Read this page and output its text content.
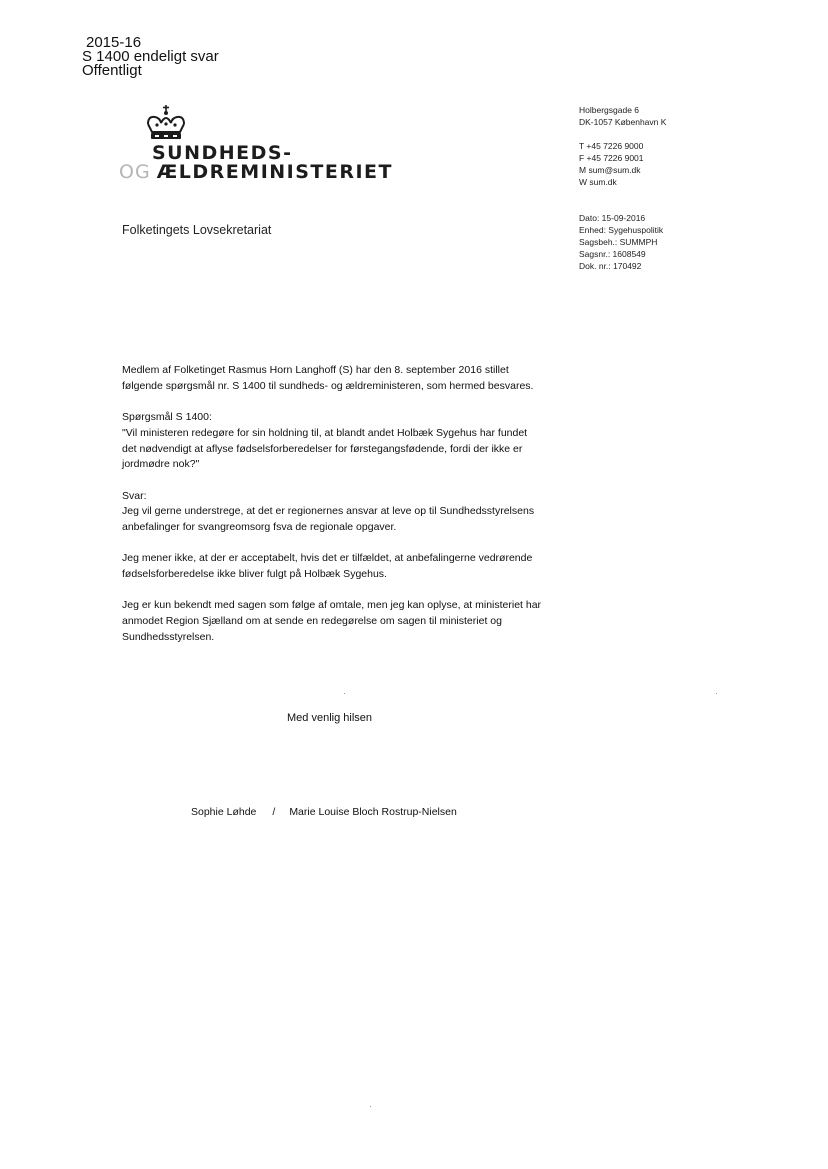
2015-16
S 1400 endeligt svar
Offentligt
SUNDHEDS-
OG ÆLDREMINISTERIET
Holbergsgade 6
DK-1057 København K
T +45 7226 9000
F +45 7226 9001
M sum@sum.dk
W sum.dk
Dato: 15-09-2016
Enhed: Sygehuspolitik
Sagsbeh.: SUMMPH
Sagsnr.: 1608549
Dok. nr.: 170492
Folketingets Lovsekretariat

Medlem af Folketinget Rasmus Horn Langhoff (S) har den 8. september 2016 stillet følgende spørgsmål nr. S 1400 til sundheds- og ældreministeren, som hermed besvares.

Spørgsmål S 1400:
"Vil ministeren redegøre for sin holdning til, at blandt andet Holbæk Sygehus har fundet det nødvendigt at aflyse fødselsforberedelser for førstegangsfødende, fordi der ikke er jordmødre nok?"

Svar:
Jeg vil gerne understrege, at det er regionernes ansvar at leve op til Sundhedsstyrelsens anbefalinger for svangreomsorg fsva de regionale opgaver.

Jeg mener ikke, at der er acceptabelt, hvis det er tilfældet, at anbefalingerne vedrørende fødselsforberedelse ikke bliver fulgt på Holbæk Sygehus.

Jeg er kun bekendt med sagen som følge af omtale, men jeg kan oplyse, at ministeriet har anmodet Region Sjælland om at sende en redegørelse om sagen til ministeriet og Sundhedsstyrelsen.

Med venlig hilsen
Sophie Løhde / Marie Louise Bloch Rostrup-Nielsen
